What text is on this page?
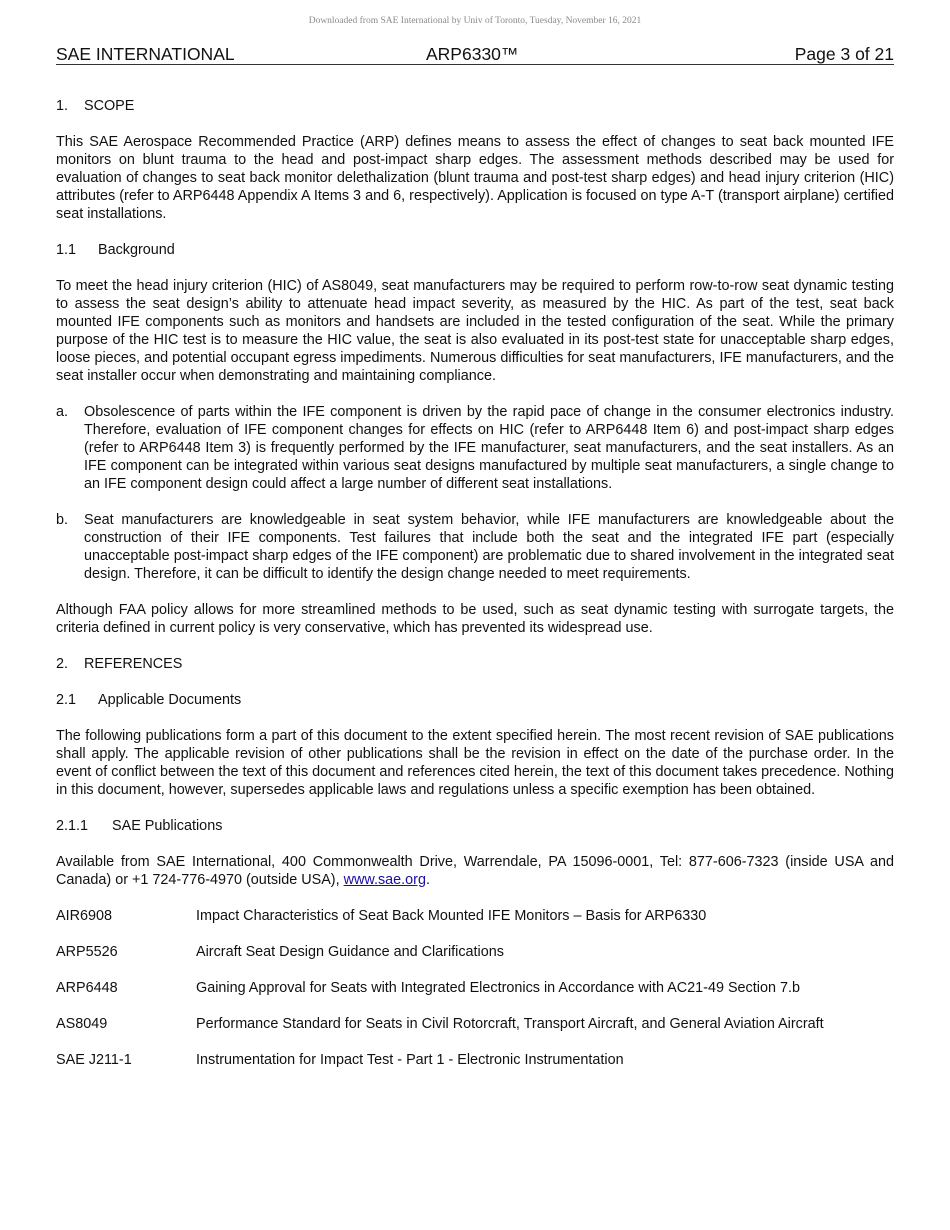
Downloaded from SAE International by Univ of Toronto, Tuesday, November 16, 2021
SAE INTERNATIONAL	ARP6330™	Page 3 of 21
1. SCOPE

This SAE Aerospace Recommended Practice (ARP) defines means to assess the effect of changes to seat back mounted IFE monitors on blunt trauma to the head and post-impact sharp edges. The assessment methods described may be used for evaluation of changes to seat back monitor delethalization (blunt trauma and post-test sharp edges) and head injury criterion (HIC) attributes (refer to ARP6448 Appendix A Items 3 and 6, respectively). Application is focused on type A-T (transport airplane) certified seat installations.

1.1 Background

To meet the head injury criterion (HIC) of AS8049, seat manufacturers may be required to perform row-to-row seat dynamic testing to assess the seat design’s ability to attenuate head impact severity, as measured by the HIC. As part of the test, seat back mounted IFE components such as monitors and handsets are included in the tested configuration of the seat. While the primary purpose of the HIC test is to measure the HIC value, the seat is also evaluated in its post-test state for unacceptable sharp edges, loose pieces, and potential occupant egress impediments. Numerous difficulties for seat manufacturers, IFE manufacturers, and the seat installer occur when demonstrating and maintaining compliance.

a.	Obsolescence of parts within the IFE component is driven by the rapid pace of change in the consumer electronics industry. Therefore, evaluation of IFE component changes for effects on HIC (refer to ARP6448 Item 6) and post-impact sharp edges (refer to ARP6448 Item 3) is frequently performed by the IFE manufacturer, seat manufacturers, and the seat installers. As an IFE component can be integrated within various seat designs manufactured by multiple seat manufacturers, a single change to an IFE component design could affect a large number of different seat installations.
b.	Seat manufacturers are knowledgeable in seat system behavior, while IFE manufacturers are knowledgeable about the construction of their IFE components. Test failures that include both the seat and the integrated IFE part (especially unacceptable post-impact sharp edges of the IFE component) are problematic due to shared involvement in the integrated seat design. Therefore, it can be difficult to identify the design change needed to meet requirements.

Although FAA policy allows for more streamlined methods to be used, such as seat dynamic testing with surrogate targets, the criteria defined in current policy is very conservative, which has prevented its widespread use.

2. REFERENCES
2.1 Applicable Documents

The following publications form a part of this document to the extent specified herein. The most recent revision of SAE publications shall apply. The applicable revision of other publications shall be the revision in effect on the date of the purchase order. In the event of conflict between the text of this document and references cited herein, the text of this document takes precedence. Nothing in this document, however, supersedes applicable laws and regulations unless a specific exemption has been obtained.

2.1.1 SAE Publications

Available from SAE International, 400 Commonwealth Drive, Warrendale, PA 15096-0001, Tel: 877-606-7323 (inside USA and Canada) or +1 724-776-4970 (outside USA), www.sae.org.

AIR6908	Impact Characteristics of Seat Back Mounted IFE Monitors – Basis for ARP6330
ARP5526	Aircraft Seat Design Guidance and Clarifications
ARP6448	Gaining Approval for Seats with Integrated Electronics in Accordance with AC21-49 Section 7.b
AS8049	Performance Standard for Seats in Civil Rotorcraft, Transport Aircraft, and General Aviation Aircraft
SAE J211-1	Instrumentation for Impact Test - Part 1 - Electronic Instrumentation
